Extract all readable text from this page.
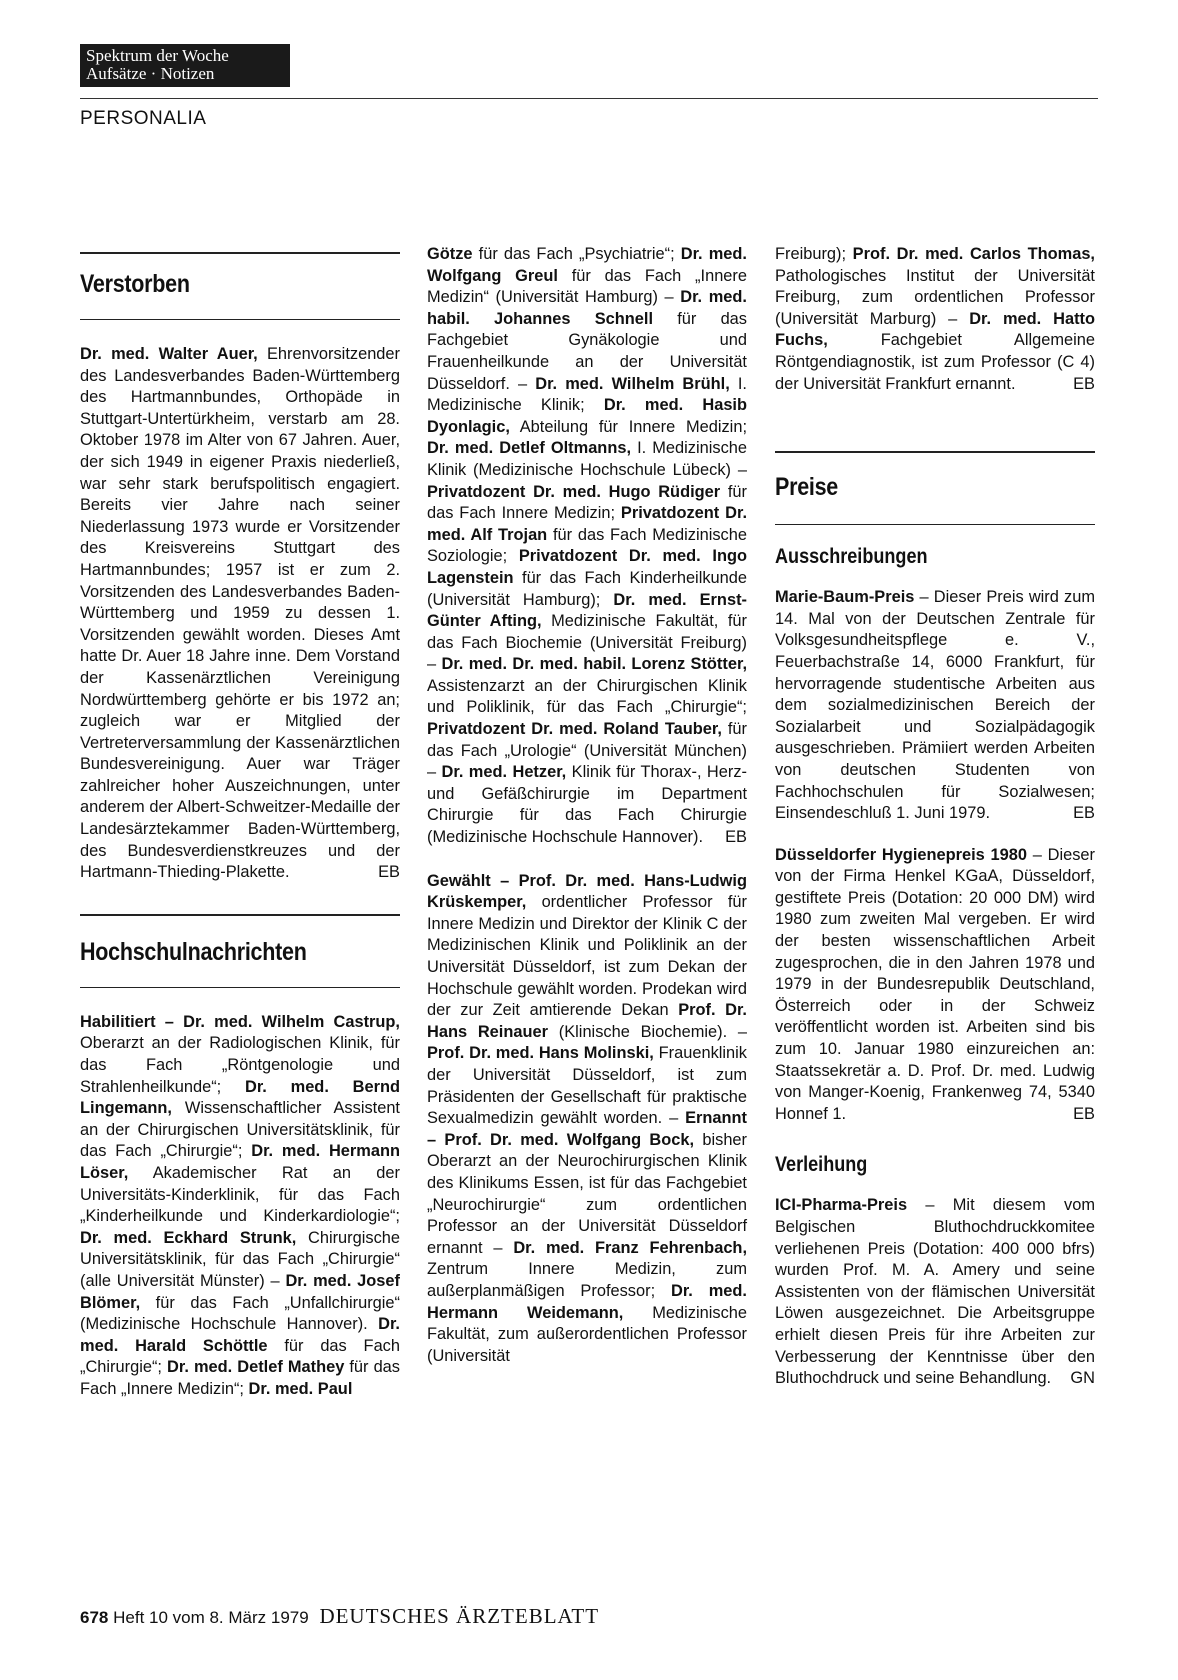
Spektrum der Woche
Aufsätze · Notizen
PERSONALIA
Verstorben

Dr. med. Walter Auer, Ehrenvorsitzender des Landesverbandes Baden-Württemberg des Hartmannbundes, Orthopäde in Stuttgart-Untertürkheim, verstarb am 28. Oktober 1978 im Alter von 67 Jahren. Auer, der sich 1949 in eigener Praxis niederließ, war sehr stark berufspolitisch engagiert. Bereits vier Jahre nach seiner Niederlassung 1973 wurde er Vorsitzender des Kreisvereins Stuttgart des Hartmannbundes; 1957 ist er zum 2. Vorsitzenden des Landesverbandes Baden-Württemberg und 1959 zu dessen 1. Vorsitzenden gewählt worden. Dieses Amt hatte Dr. Auer 18 Jahre inne. Dem Vorstand der Kassenärztlichen Vereinigung Nordwürttemberg gehörte er bis 1972 an; zugleich war er Mitglied der Vertreterversammlung der Kassenärztlichen Bundesvereinigung. Auer war Träger zahlreicher hoher Auszeichnungen, unter anderem der Albert-Schweitzer-Medaille der Landesärztekammer Baden-Württemberg, des Bundesverdienstkreuzes und der Hartmann-Thieding-Plakette.	EB

Hochschulnachrichten

Habilitiert – Dr. med. Wilhelm Castrup, Oberarzt an der Radiologischen Klinik, für das Fach „Röntgenologie und Strahlenheilkunde“; Dr. med. Bernd Lingemann, Wissenschaftlicher Assistent an der Chirurgischen Universitätsklinik, für das Fach „Chirurgie“; Dr. med. Hermann Löser, Akademischer Rat an der Universitäts-Kinderklinik, für das Fach „Kinderheilkunde und Kinderkardiologie“; Dr. med. Eckhard Strunk, Chirurgische Universitätsklinik, für das Fach „Chirurgie“ (alle Universität Münster) – Dr. med. Josef Blömer, für das Fach „Unfallchirurgie“ (Medizinische Hochschule Hannover). Dr. med. Harald Schöttle für das Fach „Chirurgie“; Dr. med. Detlef Mathey für das Fach „Innere Medizin“; Dr. med. Paul

Götze für das Fach „Psychiatrie“; Dr. med. Wolfgang Greul für das Fach „Innere Medizin“ (Universität Hamburg) – Dr. med. habil. Johannes Schnell für das Fachgebiet Gynäkologie und Frauenheilkunde an der Universität Düsseldorf. – Dr. med. Wilhelm Brühl, I. Medizinische Klinik; Dr. med. Hasib Dyonlagic, Abteilung für Innere Medizin; Dr. med. Detlef Oltmanns, I. Medizinische Klinik (Medizinische Hochschule Lübeck) – Privatdozent Dr. med. Hugo Rüdiger für das Fach Innere Medizin; Privatdozent Dr. med. Alf Trojan für das Fach Medizinische Soziologie; Privatdozent Dr. med. Ingo Lagenstein für das Fach Kinderheilkunde (Universität Hamburg); Dr. med. Ernst-Günter Afting, Medizinische Fakultät, für das Fach Biochemie (Universität Freiburg) – Dr. med. Dr. med. habil. Lorenz Stötter, Assistenzarzt an der Chirurgischen Klinik und Poliklinik, für das Fach „Chirurgie“; Privatdozent Dr. med. Roland Tauber, für das Fach „Urologie“ (Universität München) – Dr. med. Hetzer, Klinik für Thorax-, Herz- und Gefäßchirurgie im Department Chirurgie für das Fach Chirurgie (Medizinische Hochschule Hannover). EB

Gewählt – Prof. Dr. med. Hans-Ludwig Krüskemper, ordentlicher Professor für Innere Medizin und Direktor der Klinik C der Medizinischen Klinik und Poliklinik an der Universität Düsseldorf, ist zum Dekan der Hochschule gewählt worden. Prodekan wird der zur Zeit amtierende Dekan Prof. Dr. Hans Reinauer (Klinische Biochemie). – Prof. Dr. med. Hans Molinski, Frauenklinik der Universität Düsseldorf, ist zum Präsidenten der Gesellschaft für praktische Sexualmedizin gewählt worden. – Ernannt – Prof. Dr. med. Wolfgang Bock, bisher Oberarzt an der Neurochirurgischen Klinik des Klinikums Essen, ist für das Fachgebiet „Neurochirurgie“ zum ordentlichen Professor an der Universität Düsseldorf ernannt – Dr. med. Franz Fehrenbach, Zentrum Innere Medizin, zum außerplanmäßigen Professor; Dr. med. Hermann Weidemann, Medizinische Fakultät, zum außerordentlichen Professor (Universität

Freiburg); Prof. Dr. med. Carlos Thomas, Pathologisches Institut der Universität Freiburg, zum ordentlichen Professor (Universität Marburg) – Dr. med. Hatto Fuchs, Fachgebiet Allgemeine Röntgendiagnostik, ist zum Professor (C 4) der Universität Frankfurt ernannt.	EB

Preise
Ausschreibungen

Marie-Baum-Preis – Dieser Preis wird zum 14. Mal von der Deutschen Zentrale für Volksgesundheitspflege e. V., Feuerbachstraße 14, 6000 Frankfurt, für hervorragende studentische Arbeiten aus dem sozialmedizinischen Bereich der Sozialarbeit und Sozialpädagogik ausgeschrieben. Prämiiert werden Arbeiten von deutschen Studenten von Fachhochschulen für Sozialwesen; Einsendeschluß 1. Juni 1979.	EB

Düsseldorfer Hygienepreis 1980 – Dieser von der Firma Henkel KGaA, Düsseldorf, gestiftete Preis (Dotation: 20 000 DM) wird 1980 zum zweiten Mal vergeben. Er wird der besten wissenschaftlichen Arbeit zugesprochen, die in den Jahren 1978 und 1979 in der Bundesrepublik Deutschland, Österreich oder in der Schweiz veröffentlicht worden ist. Arbeiten sind bis zum 10. Januar 1980 einzureichen an: Staatssekretär a. D. Prof. Dr. med. Ludwig von Manger-Koenig, Frankenweg 74, 5340 Honnef 1.	EB

Verleihung

ICI-Pharma-Preis – Mit diesem vom Belgischen Bluthochdruckkomitee verliehenen Preis (Dotation: 400 000 bfrs) wurden Prof. M. A. Amery und seine Assistenten von der flämischen Universität Löwen ausgezeichnet. Die Arbeitsgruppe erhielt diesen Preis für ihre Arbeiten zur Verbesserung der Kenntnisse über den Bluthochdruck und seine Behandlung. GN

678 Heft 10 vom 8. März 1979 DEUTSCHES ÄRZTEBLATT
